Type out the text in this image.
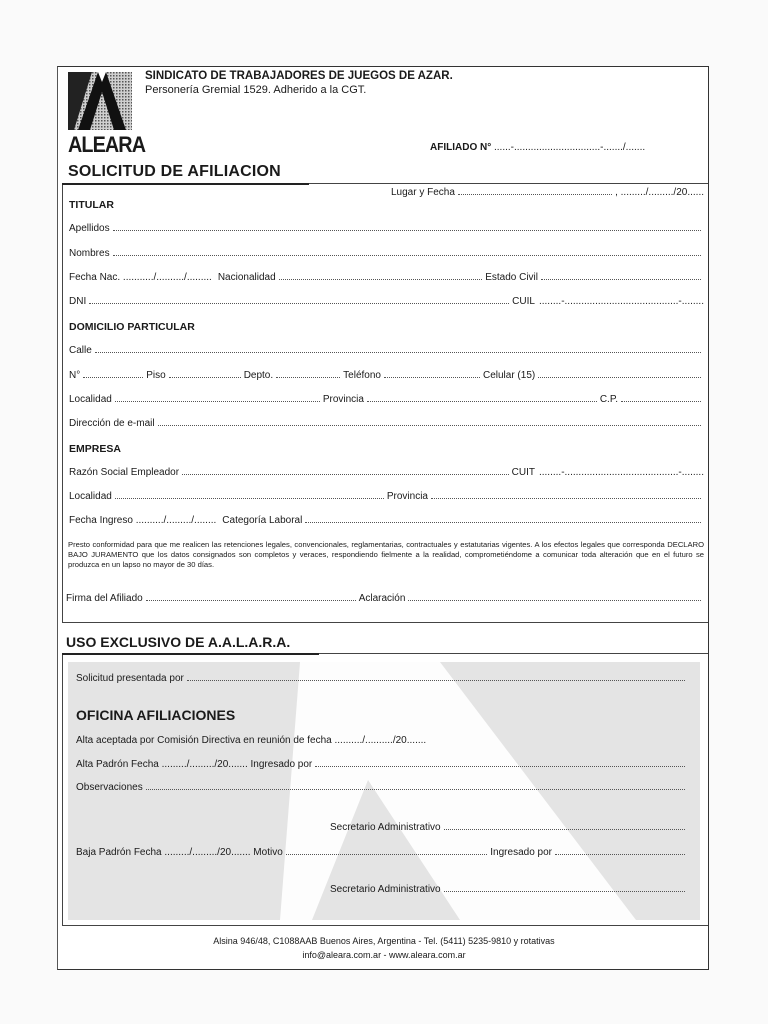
ALEARA
SINDICATO DE TRABAJADORES DE JUEGOS DE AZAR.
Personería Gremial 1529. Adherido a la CGT.
AFILIADO N° ......-...............................-......./.......
SOLICITUD DE AFILIACION
Lugar y Fecha	, ........./........./20......
TITULAR
Apellidos
Nombres
Fecha Nac. .........../........../......... Nacionalidad	Estado Civil
DNI	CUIL ........-.........................................-........
DOMICILIO PARTICULAR
Calle
N°	Piso	Depto.	Teléfono	Celular (15)
Localidad	Provincia	C.P.
Dirección de e-mail
EMPRESA
Razón Social Empleador	CUIT ........-.........................................-........
Localidad	Provincia
Fecha Ingreso ........../........./........ Categoría Laboral
Presto conformidad para que me realicen las retenciones legales, convencionales, reglamentarias, contractuales y estatutarias vigentes. A los efectos legales que corresponda DECLARO BAJO JURAMENTO que los datos consignados son completos y veraces, respondiendo fielmente a la realidad, comprometiéndome a comunicar toda alteración que en el futuro se produzca en un lapso no mayor de 30 días.
Firma del Afiliado	Aclaración
USO EXCLUSIVO DE A.A.L.A.R.A.
Solicitud presentada por
OFICINA AFILIACIONES
Alta aceptada por Comisión Directiva en reunión de fecha ........../........../20.......
Alta Padrón Fecha ........./........./20....... Ingresado por
Observaciones
Secretario Administrativo
Baja Padrón Fecha ........./........./20....... Motivo	Ingresado por
Secretario Administrativo
Alsina 946/48, C1088AAB Buenos Aires, Argentina - Tel. (5411) 5235-9810 y rotativas
info@aleara.com.ar - www.aleara.com.ar
